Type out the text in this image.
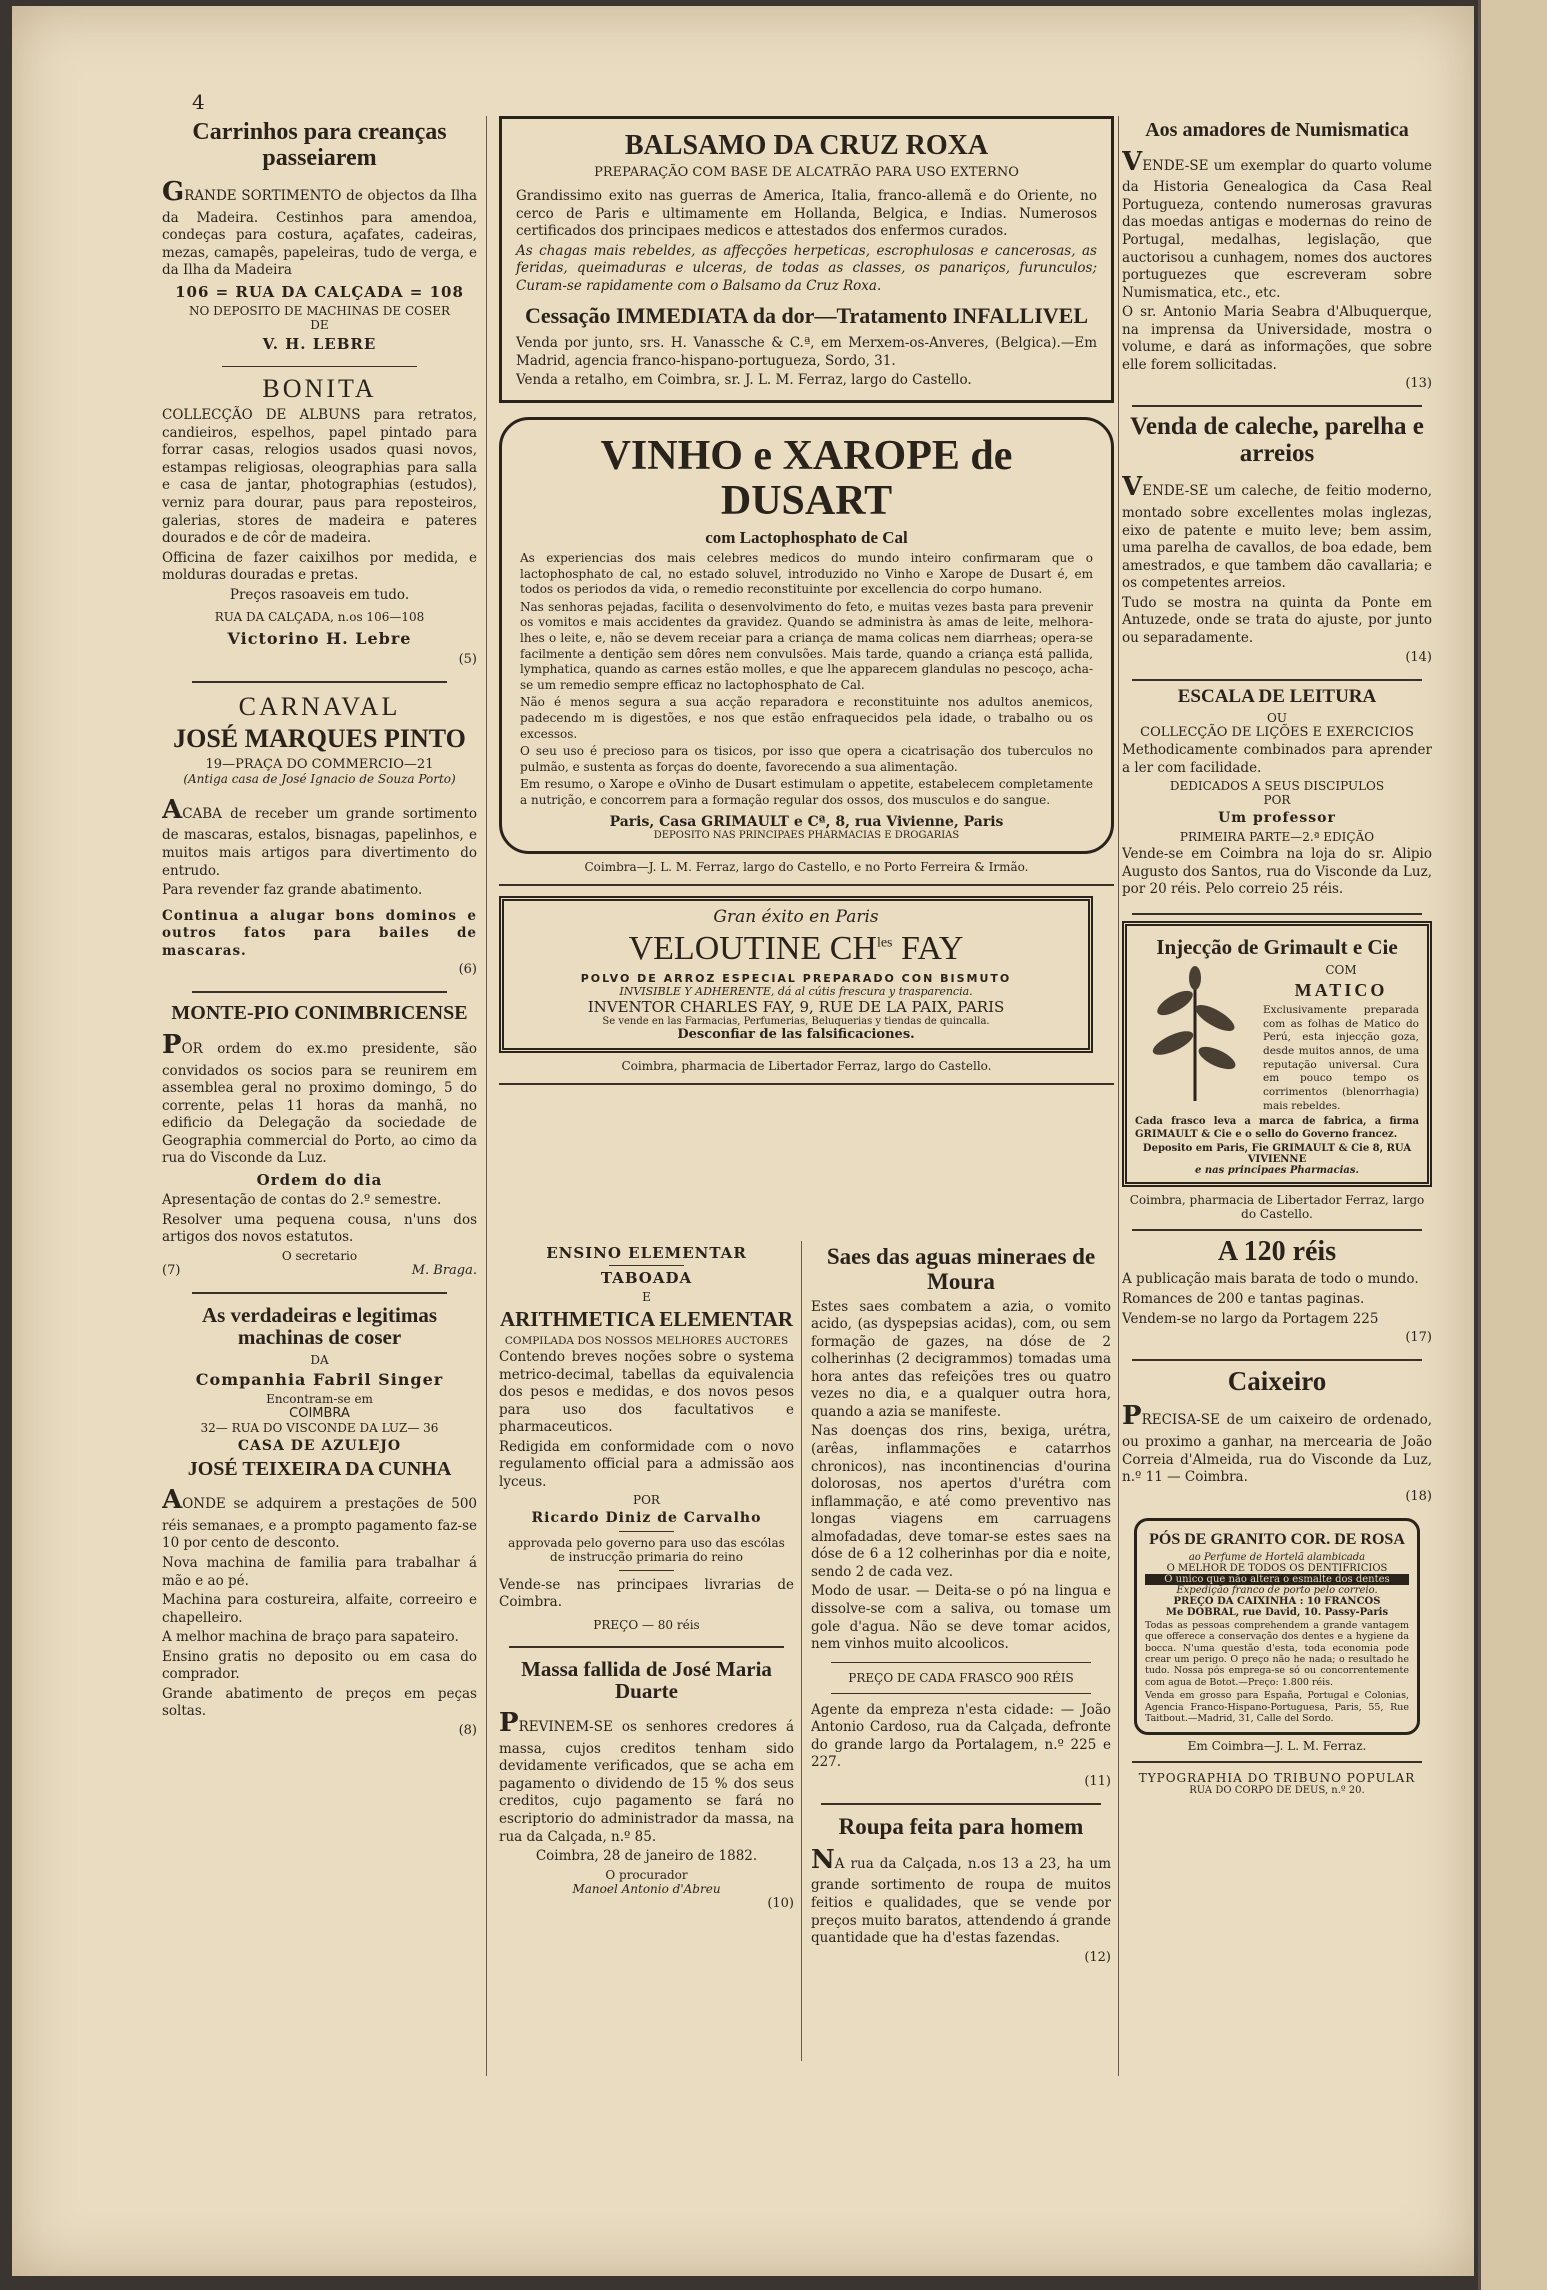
4
Carrinhos para creanças passeiarem

GRANDE SORTIMENTO de objectos da Ilha da Madeira. Cestinhos para amendoa, condeças para costura, açafates, cadeiras, mezas, camapês, papeleiras, tudo de verga, e da Ilha da Madeira

106 = RUA DA CALÇADA = 108
NO DEPOSITO DE MACHINAS DE COSER
DE
V. H. LEBRE
BONITA

COLLECÇÃO DE ALBUNS para retratos, candieiros, espelhos, papel pintado para forrar casas, relogios usados quasi novos, estampas religiosas, oleographias para salla e casa de jantar, photographias (estudos), verniz para dourar, paus para reposteiros, galerias, stores de madeira e pateres dourados e de côr de madeira.

Officina de fazer caixilhos por medida, e molduras douradas e pretas.

Preços rasoaveis em tudo.

RUA DA CALÇADA, n.os 106—108
Victorino H. Lebre
(5)
CARNAVAL
JOSÉ MARQUES PINTO
19—PRAÇA DO COMMERCIO—21
(Antiga casa de José Ignacio de Souza Porto)

ACABA de receber um grande sortimento de mascaras, estalos, bisnagas, papelinhos, e muitos mais artigos para divertimento do entrudo.

Para revender faz grande abatimento.

Continua a alugar bons dominos e outros fatos para bailes de mascaras.

(6)
MONTE-PIO CONIMBRICENSE

POR ordem do ex.mo presidente, são convidados os socios para se reunirem em assemblea geral no proximo domingo, 5 do corrente, pelas 11 horas da manhã, no edificio da Delegação da sociedade de Geographia commercial do Porto, ao cimo da rua do Visconde da Luz.

Ordem do dia

Apresentação de contas do 2.º semestre.

Resolver uma pequena cousa, n'uns dos artigos dos novos estatutos.

O secretario
(7)	M. Braga.
As verdadeiras e legitimas machinas de coser
DA
Companhia Fabril Singer
Encontram-se em
COIMBRA
32— RUA DO VISCONDE DA LUZ— 36
CASA DE AZULEJO
JOSÉ TEIXEIRA DA CUNHA

AONDE se adquirem a prestações de 500 réis semanaes, e a prompto pagamento faz-se 10 por cento de desconto.

Nova machina de familia para trabalhar á mão e ao pé.

Machina para costureira, alfaite, correeiro e chapelleiro.

A melhor machina de braço para sapateiro.

Ensino gratis no deposito ou em casa do comprador.

Grande abatimento de preços em peças soltas.

(8)
BALSAMO DA CRUZ ROXA
PREPARAÇÃO COM BASE DE ALCATRÃO PARA USO EXTERNO

Grandissimo exito nas guerras de America, Italia, franco-allemã e do Oriente, no cerco de Paris e ultimamente em Hollanda, Belgica, e Indias. Numerosos certificados dos principaes medicos e attestados dos enfermos curados.

As chagas mais rebeldes, as affecções herpeticas, escrophulosas e cancerosas, as feridas, queimaduras e ulceras, de todas as classes, os panariços, furunculos; Curam-se rapidamente com o Balsamo da Cruz Roxa.

Cessação IMMEDIATA da dor—Tratamento INFALLIVEL

Venda por junto, srs. H. Vanassche & C.ª, em Merxem-os-Anveres, (Belgica).—Em Madrid, agencia franco-hispano-portugueza, Sordo, 31.

Venda a retalho, em Coimbra, sr. J. L. M. Ferraz, largo do Castello.

VINHO e XAROPE de DUSART
com Lactophosphato de Cal

As experiencias dos mais celebres medicos do mundo inteiro confirmaram que o lactophosphato de cal, no estado soluvel, introduzido no Vinho e Xarope de Dusart é, em todos os periodos da vida, o remedio reconstituinte por excellencia do corpo humano.

Nas senhoras pejadas, facilita o desenvolvimento do feto, e muitas vezes basta para prevenir os vomitos e mais accidentes da gravidez. Quando se administra às amas de leite, melhora-lhes o leite, e, não se devem receiar para a criança de mama colicas nem diarrheas; opera-se facilmente a dentição sem dôres nem convulsões. Mais tarde, quando a criança está pallida, lymphatica, quando as carnes estão molles, e que lhe apparecem glandulas no pescoço, acha-se um remedio sempre efficaz no lactophosphato de Cal.

Não é menos segura a sua acção reparadora e reconstituinte nos adultos anemicos, padecendo m is digestões, e nos que estão enfraquecidos pela idade, o trabalho ou os excessos.

O seu uso é precioso para os tisicos, por isso que opera a cicatrisação dos tuberculos no pulmão, e sustenta as forças do doente, favorecendo a sua alimentação.

Em resumo, o Xarope e oVinho de Dusart estimulam o appetite, estabelecem completamente a nutrição, e concorrem para a formação regular dos ossos, dos musculos e do sangue.

Paris, Casa GRIMAULT e Cª, 8, rua Vivienne, Paris
DEPOSITO NAS PRINCIPAES PHARMACIAS E DROGARIAS
Coimbra—J. L. M. Ferraz, largo do Castello, e no Porto Ferreira & Irmão.
Gran éxito en Paris
VELOUTINE $CH^{les}$ FAY
POLVO DE ARROZ ESPECIAL PREPARADO CON BISMUTO
INVISIBLE Y ADHERENTE, dá al cútis frescura y trasparencia.
INVENTOR CHARLES FAY, 9, RUE DE LA PAIX, PARIS
Se vende en las Farmacias, Perfumerias, Beluquerias y tiendas de quincalla.
Desconfiar de las falsificaciones.
Coimbra, pharmacia de Libertador Ferraz, largo do Castello.
ENSINO ELEMENTAR
TABOADA
E
ARITHMETICA ELEMENTAR
COMPILADA DOS NOSSOS MELHORES AUCTORES

Contendo breves noções sobre o systema metrico-decimal, tabellas da equivalencia dos pesos e medidas, e dos novos pesos para uso dos facultativos e pharmaceuticos.

Redigida em conformidade com o novo regulamento official para a admissão aos lyceus.

POR
Ricardo Diniz de Carvalho
approvada pelo governo para uso das escólas de instrucção primaria do reino

Vende-se nas principaes livrarias de Coimbra.

PREÇO — 80 réis
Massa fallida de José Maria Duarte

PREVINEM-SE os senhores credores á massa, cujos creditos tenham sido devidamente verificados, que se acha em pagamento o dividendo de 15 % dos seus creditos, cujo pagamento se fará no escriptorio do administrador da massa, na rua da Calçada, n.º 85.

Coimbra, 28 de janeiro de 1882.

O procurador
Manoel Antonio d'Abreu
(10)
Saes das aguas mineraes de Moura

Estes saes combatem a azia, o vomito acido, (as dyspepsias acidas), com, ou sem formação de gazes, na dóse de 2 colherinhas (2 decigrammos) tomadas uma hora antes das refeições tres ou quatro vezes no dia, e a qualquer outra hora, quando a azia se manifeste.

Nas doenças dos rins, bexiga, urétra, (arêas, inflammações e catarrhos chronicos), nas incontinencias d'ourina dolorosas, nos apertos d'urétra com inflammação, e até como preventivo nas longas viagens em carruagens almofadadas, deve tomar-se estes saes na dóse de 6 a 12 colherinhas por dia e noite, sendo 2 de cada vez.

Modo de usar. — Deita-se o pó na lingua e dissolve-se com a saliva, ou tomase um gole d'agua. Não se deve tomar acidos, nem vinhos muito alcoolicos.

PREÇO DE CADA FRASCO 900 RÉIS

Agente da empreza n'esta cidade: — João Antonio Cardoso, rua da Calçada, defronte do grande largo da Portalagem, n.º 225 e 227.

(11)
Roupa feita para homem

NA rua da Calçada, n.os 13 a 23, ha um grande sortimento de roupa de muitos feitios e qualidades, que se vende por preços muito baratos, attendendo á grande quantidade que ha d'estas fazendas.

(12)
Aos amadores de Numismatica

VENDE-SE um exemplar do quarto volume da Historia Genealogica da Casa Real Portugueza, contendo numerosas gravuras das moedas antigas e modernas do reino de Portugal, medalhas, legislação, que auctorisou a cunhagem, nomes dos auctores portuguezes que escreveram sobre Numismatica, etc., etc.

O sr. Antonio Maria Seabra d'Albuquerque, na imprensa da Universidade, mostra o volume, e dará as informações, que sobre elle forem sollicitadas.

(13)
Venda de caleche, parelha e arreios

VENDE-SE um caleche, de feitio moderno, montado sobre excellentes molas inglezas, eixo de patente e muito leve; bem assim, uma parelha de cavallos, de boa edade, bem amestrados, e que tambem dão cavallaria; e os competentes arreios.

Tudo se mostra na quinta da Ponte em Antuzede, onde se trata do ajuste, por junto ou separadamente.

(14)
ESCALA DE LEITURA
OU
COLLECÇÃO DE LIÇÕES E EXERCICIOS

Methodicamente combinados para aprender a ler com facilidade.

DEDICADOS A SEUS DISCIPULOS
POR
Um professor
PRIMEIRA PARTE—2.ª EDIÇÃO

Vende-se em Coimbra na loja do sr. Alipio Augusto dos Santos, rua do Visconde da Luz, por 20 réis. Pelo correio 25 réis.

Injecção de Grimault e Cie
COM
MATICO

Exclusivamente preparada com as folhas de Matico do Perú, esta injecção goza, desde muitos annos, de uma reputação universal. Cura em pouco tempo os corrimentos (blenorrhagia) mais rebeldes.

Cada frasco leva a marca de fabrica, a firma GRIMAULT & Cie e o sello do Governo francez.

Deposito em Paris, Fie GRIMAULT & Cie 8, RUA VIVIENNE
e nas principaes Pharmacias.
Coimbra, pharmacia de Libertador Ferraz, largo do Castello.
A 120 réis

A publicação mais barata de todo o mundo.

Romances de 200 e tantas paginas.

Vendem-se no largo da Portagem 225

(17)
Caixeiro

PRECISA-SE de um caixeiro de ordenado, ou proximo a ganhar, na mercearia de João Correia d'Almeida, rua do Visconde da Luz, n.º 11 — Coimbra.

(18)
PÓS DE GRANITO COR. DE ROSA
ao Perfume de Hortelã alambicada
O MELHOR DE TODOS OS DENTIFRICIOS
O unico que não altera o esmalte dos dentes
Expedição franco de porto pelo correio.
PREÇO DA CAIXINHA : 10 FRANCOS
Me DOBRAL, rue David, 10. Passy-Paris

Todas as pessoas comprehendem a grande vantagem que offerece a conservação dos dentes e a hygiene da bocca. N'uma questão d'esta, toda economia pode crear um perigo. O preço não he nada; o resultado he tudo. Nossa pós emprega-se só ou concorrentemente com agua de Botot.—Preço: 1.800 réis.

Venda em grosso para España, Portugal e Colonias, Agencia Franco-Hispano-Portuguesa, Paris, 55, Rue Taitbout.—Madrid, 31, Calle del Sordo.

Em Coimbra—J. L. M. Ferraz.
TYPOGRAPHIA DO TRIBUNO POPULAR
RUA DO CORPO DE DEUS, n.º 20.
